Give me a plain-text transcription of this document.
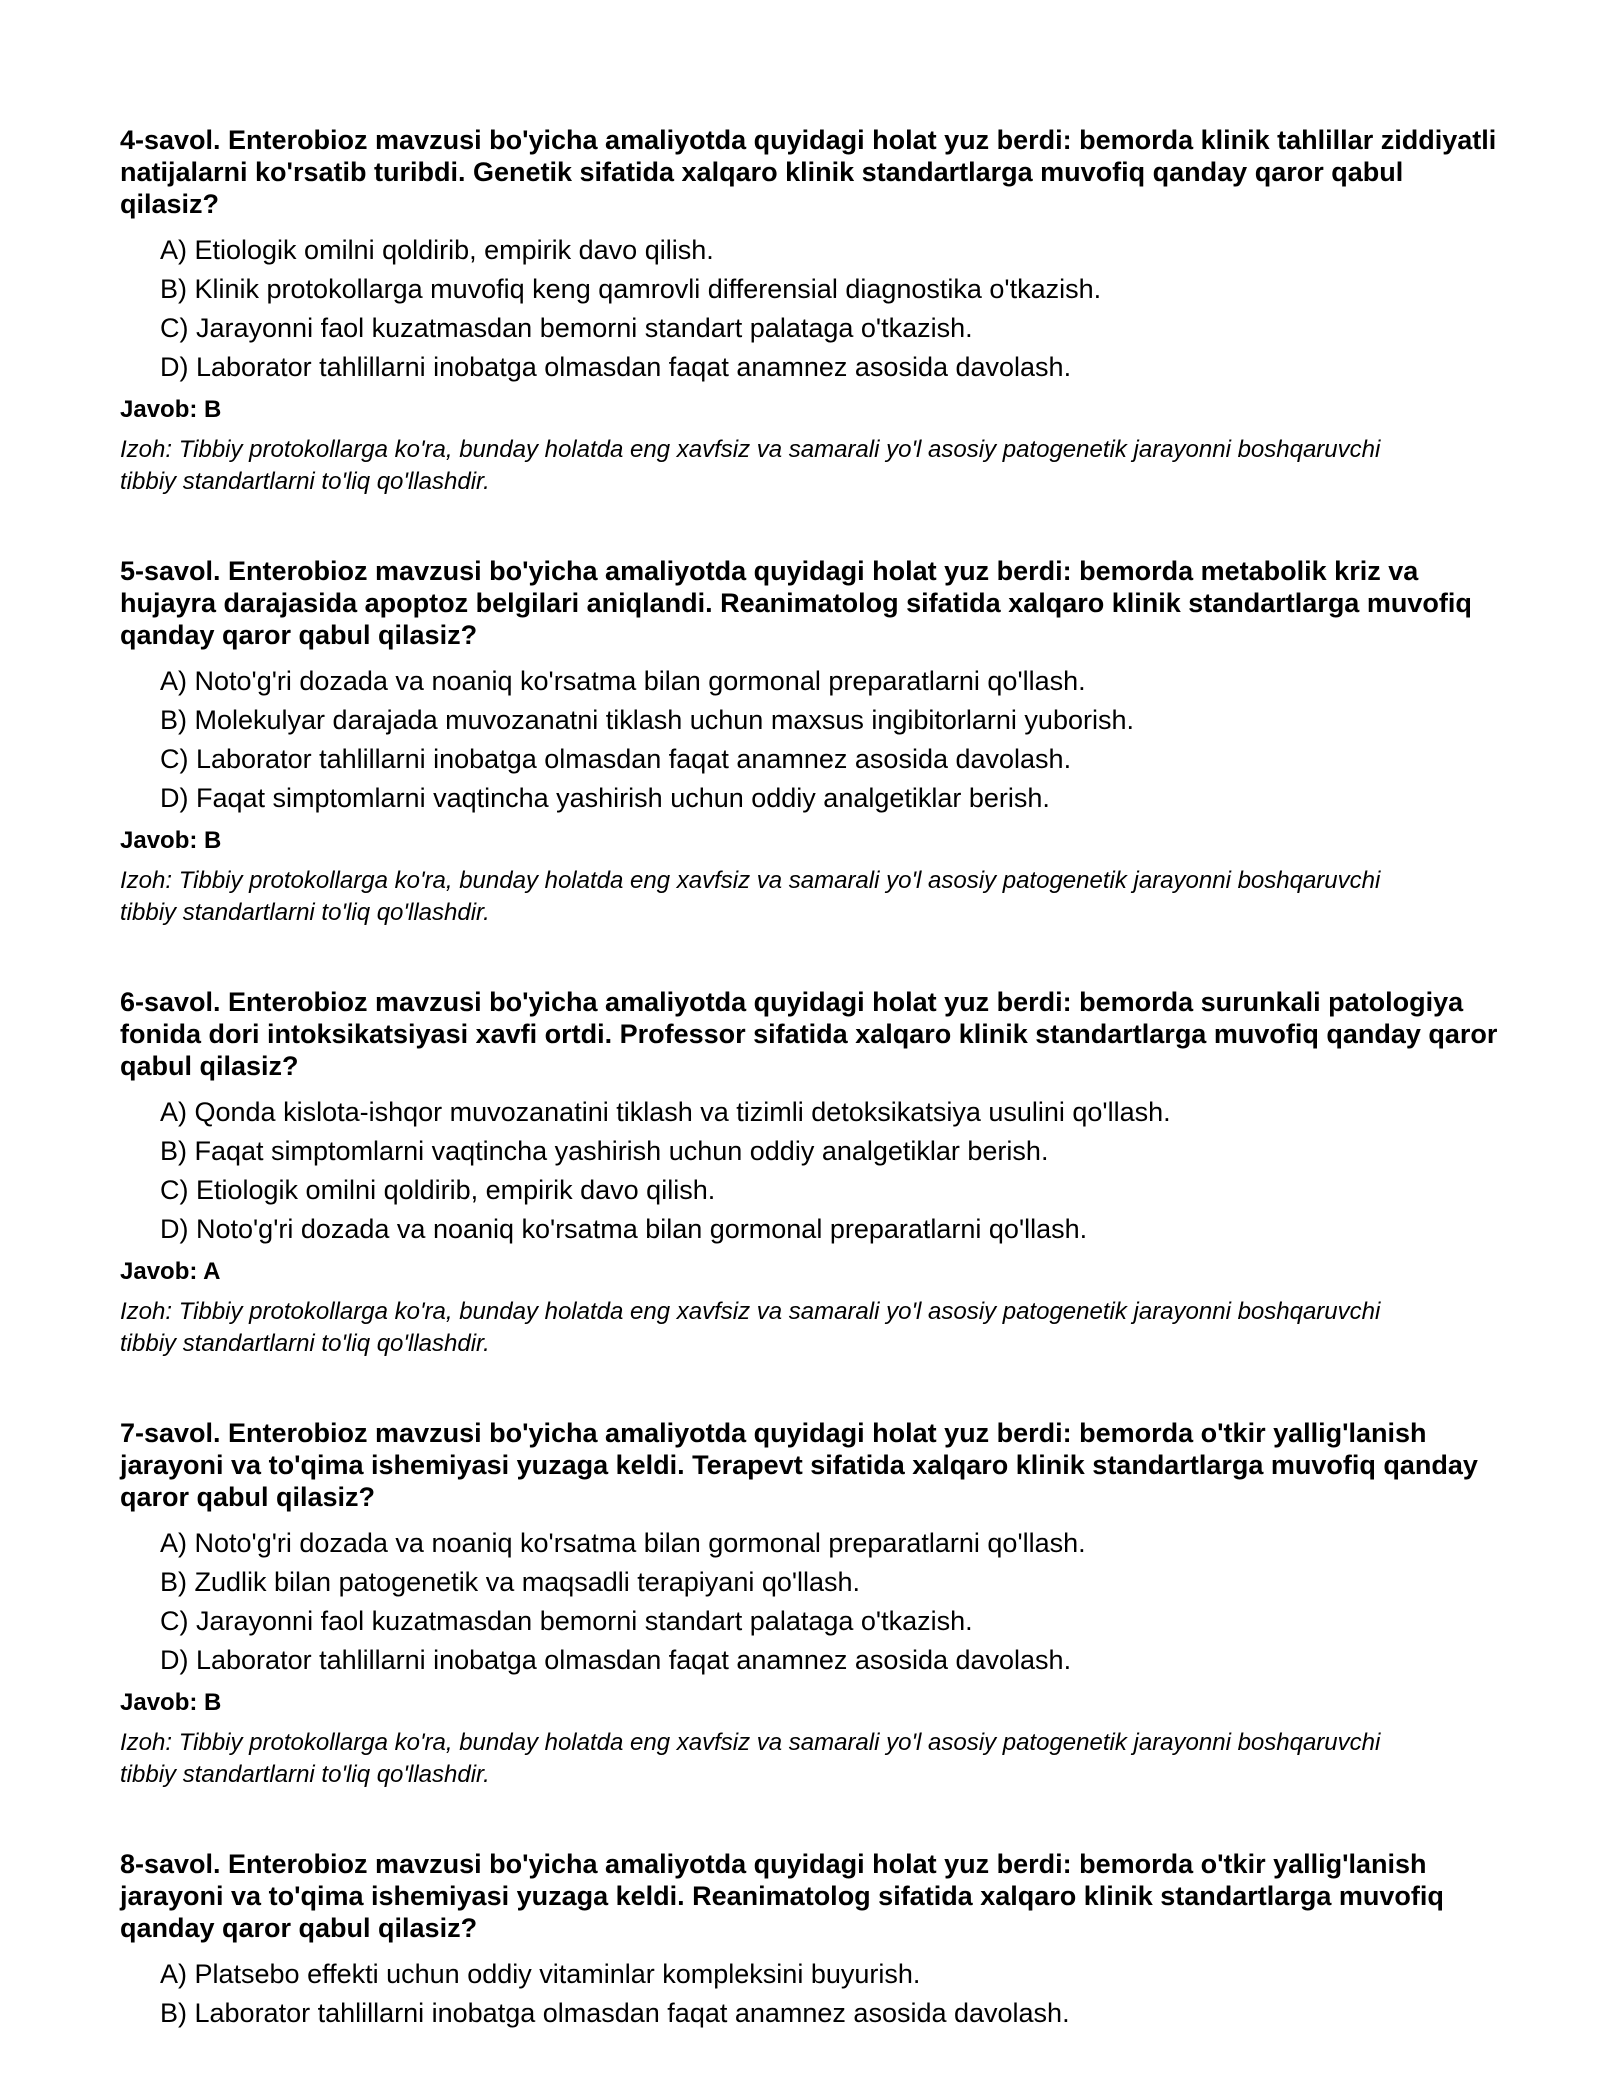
4-savol. Enterobioz mavzusi bo'yicha amaliyotda quyidagi holat yuz berdi: bemorda klinik tahlillar ziddiyatli natijalarni ko'rsatib turibdi. Genetik sifatida xalqaro klinik standartlarga muvofiq qanday qaror qabul qilasiz?

A) Etiologik omilni qoldirib, empirik davo qilish.
B) Klinik protokollarga muvofiq keng qamrovli differensial diagnostika o'tkazish.
C) Jarayonni faol kuzatmasdan bemorni standart palataga o'tkazish.
D) Laborator tahlillarni inobatga olmasdan faqat anamnez asosida davolash.

Javob: B

Izoh: Tibbiy protokollarga ko'ra, bunday holatda eng xavfsiz va samarali yo'l asosiy patogenetik jarayonni boshqaruvchi tibbiy standartlarni to'liq qo'llashdir.

5-savol. Enterobioz mavzusi bo'yicha amaliyotda quyidagi holat yuz berdi: bemorda metabolik kriz va hujayra darajasida apoptoz belgilari aniqlandi. Reanimatolog sifatida xalqaro klinik standartlarga muvofiq qanday qaror qabul qilasiz?

A) Noto'g'ri dozada va noaniq ko'rsatma bilan gormonal preparatlarni qo'llash.
B) Molekulyar darajada muvozanatni tiklash uchun maxsus ingibitorlarni yuborish.
C) Laborator tahlillarni inobatga olmasdan faqat anamnez asosida davolash.
D) Faqat simptomlarni vaqtincha yashirish uchun oddiy analgetiklar berish.

Javob: B

Izoh: Tibbiy protokollarga ko'ra, bunday holatda eng xavfsiz va samarali yo'l asosiy patogenetik jarayonni boshqaruvchi tibbiy standartlarni to'liq qo'llashdir.

6-savol. Enterobioz mavzusi bo'yicha amaliyotda quyidagi holat yuz berdi: bemorda surunkali patologiya fonida dori intoksikatsiyasi xavfi ortdi. Professor sifatida xalqaro klinik standartlarga muvofiq qanday qaror qabul qilasiz?

A) Qonda kislota-ishqor muvozanatini tiklash va tizimli detoksikatsiya usulini qo'llash.
B) Faqat simptomlarni vaqtincha yashirish uchun oddiy analgetiklar berish.
C) Etiologik omilni qoldirib, empirik davo qilish.
D) Noto'g'ri dozada va noaniq ko'rsatma bilan gormonal preparatlarni qo'llash.

Javob: A

Izoh: Tibbiy protokollarga ko'ra, bunday holatda eng xavfsiz va samarali yo'l asosiy patogenetik jarayonni boshqaruvchi tibbiy standartlarni to'liq qo'llashdir.

7-savol. Enterobioz mavzusi bo'yicha amaliyotda quyidagi holat yuz berdi: bemorda o'tkir yallig'lanish jarayoni va to'qima ishemiyasi yuzaga keldi. Terapevt sifatida xalqaro klinik standartlarga muvofiq qanday qaror qabul qilasiz?

A) Noto'g'ri dozada va noaniq ko'rsatma bilan gormonal preparatlarni qo'llash.
B) Zudlik bilan patogenetik va maqsadli terapiyani qo'llash.
C) Jarayonni faol kuzatmasdan bemorni standart palataga o'tkazish.
D) Laborator tahlillarni inobatga olmasdan faqat anamnez asosida davolash.

Javob: B

Izoh: Tibbiy protokollarga ko'ra, bunday holatda eng xavfsiz va samarali yo'l asosiy patogenetik jarayonni boshqaruvchi tibbiy standartlarni to'liq qo'llashdir.

8-savol. Enterobioz mavzusi bo'yicha amaliyotda quyidagi holat yuz berdi: bemorda o'tkir yallig'lanish jarayoni va to'qima ishemiyasi yuzaga keldi. Reanimatolog sifatida xalqaro klinik standartlarga muvofiq qanday qaror qabul qilasiz?

A) Platsebo effekti uchun oddiy vitaminlar kompleksini buyurish.
B) Laborator tahlillarni inobatga olmasdan faqat anamnez asosida davolash.
